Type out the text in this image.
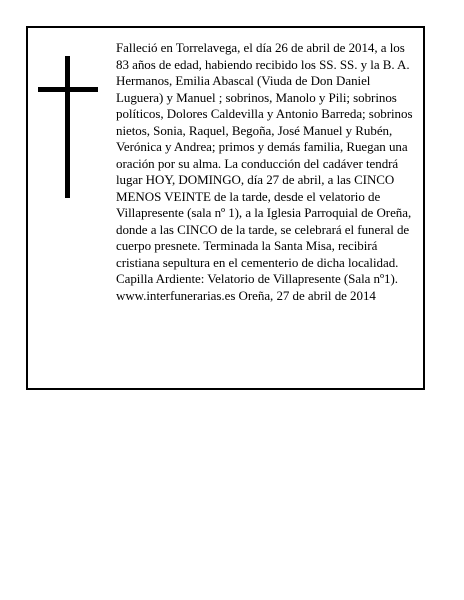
Falleció en Torrelavega, el día 26 de abril de 2014, a los 83 años de edad, habiendo recibido los SS. SS. y la B. A.

Hermanos, Emilia Abascal (Viuda de Don Daniel Luguera) y Manuel ; sobrinos, Manolo y Pili; sobrinos políticos, Dolores Caldevilla y Antonio Barreda; sobrinos nietos, Sonia, Raquel, Begoña, José Manuel y Rubén, Verónica y Andrea; primos y demás familia, Ruegan una oración por su alma. La conducción del cadáver tendrá lugar HOY, DOMINGO, día 27 de abril, a las CINCO MENOS VEINTE de la tarde, desde el velatorio de Villapresente (sala nº 1), a la Iglesia Parroquial de Oreña, donde a las CINCO de la tarde, se celebrará el funeral de cuerpo presnete. Terminada la Santa Misa, recibirá cristiana sepultura en el cementerio de dicha localidad. Capilla Ardiente: Velatorio de Villapresente (Sala nº1).

www.interfunerarias.es Oreña, 27 de abril de 2014
